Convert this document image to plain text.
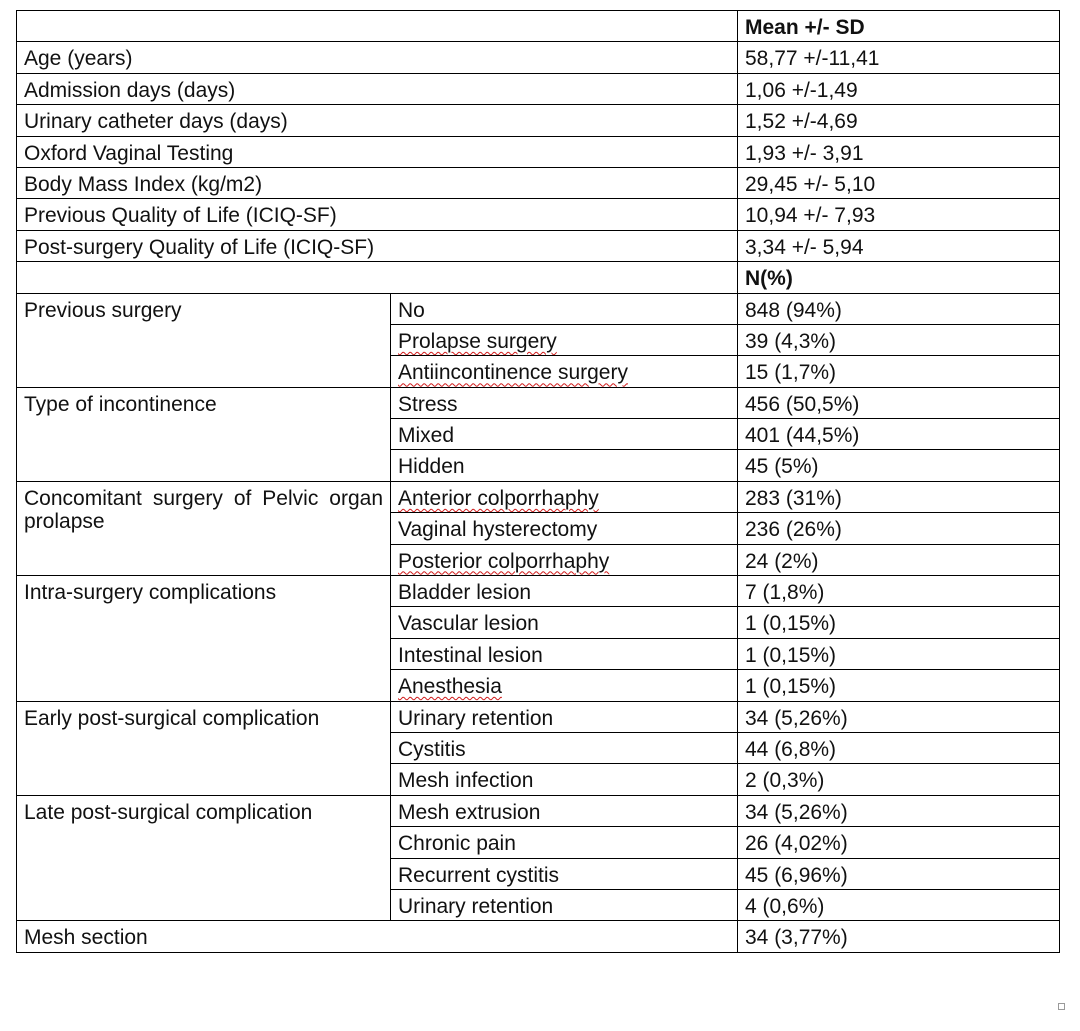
		Mean +/- SD
Age (years)		58,77 +/-11,41
Admission days (days)		1,06 +/-1,49
Urinary catheter days (days)		1,52 +/-4,69
Oxford Vaginal Testing		1,93 +/- 3,91
Body Mass Index (kg/m2)		29,45 +/- 5,10
Previous Quality of Life (ICIQ-SF)		10,94 +/- 7,93
Post-surgery Quality of Life (ICIQ-SF)		3,34 +/- 5,94
		N(%)
Previous surgery	No	848 (94%)
	Prolapse surgery	39 (4,3%)
	Antiincontinence surgery	15 (1,7%)
Type of incontinence	Stress	456 (50,5%)
	Mixed	401 (44,5%)
	Hidden	45 (5%)
Concomitant surgery of Pelvic organ prolapse	Anterior colporrhaphy	283 (31%)
	Vaginal hysterectomy	236 (26%)
	Posterior colporrhaphy	24 (2%)
Intra-surgery complications	Bladder lesion	7 (1,8%)
	Vascular lesion	1 (0,15%)
	Intestinal lesion	1 (0,15%)
	Anesthesia	1 (0,15%)
Early post-surgical complication	Urinary retention	34 (5,26%)
	Cystitis	44 (6,8%)
	Mesh infection	2 (0,3%)
Late post-surgical complication	Mesh extrusion	34 (5,26%)
	Chronic pain	26 (4,02%)
	Recurrent cystitis	45 (6,96%)
	Urinary retention	4 (0,6%)
Mesh section		34 (3,77%)
